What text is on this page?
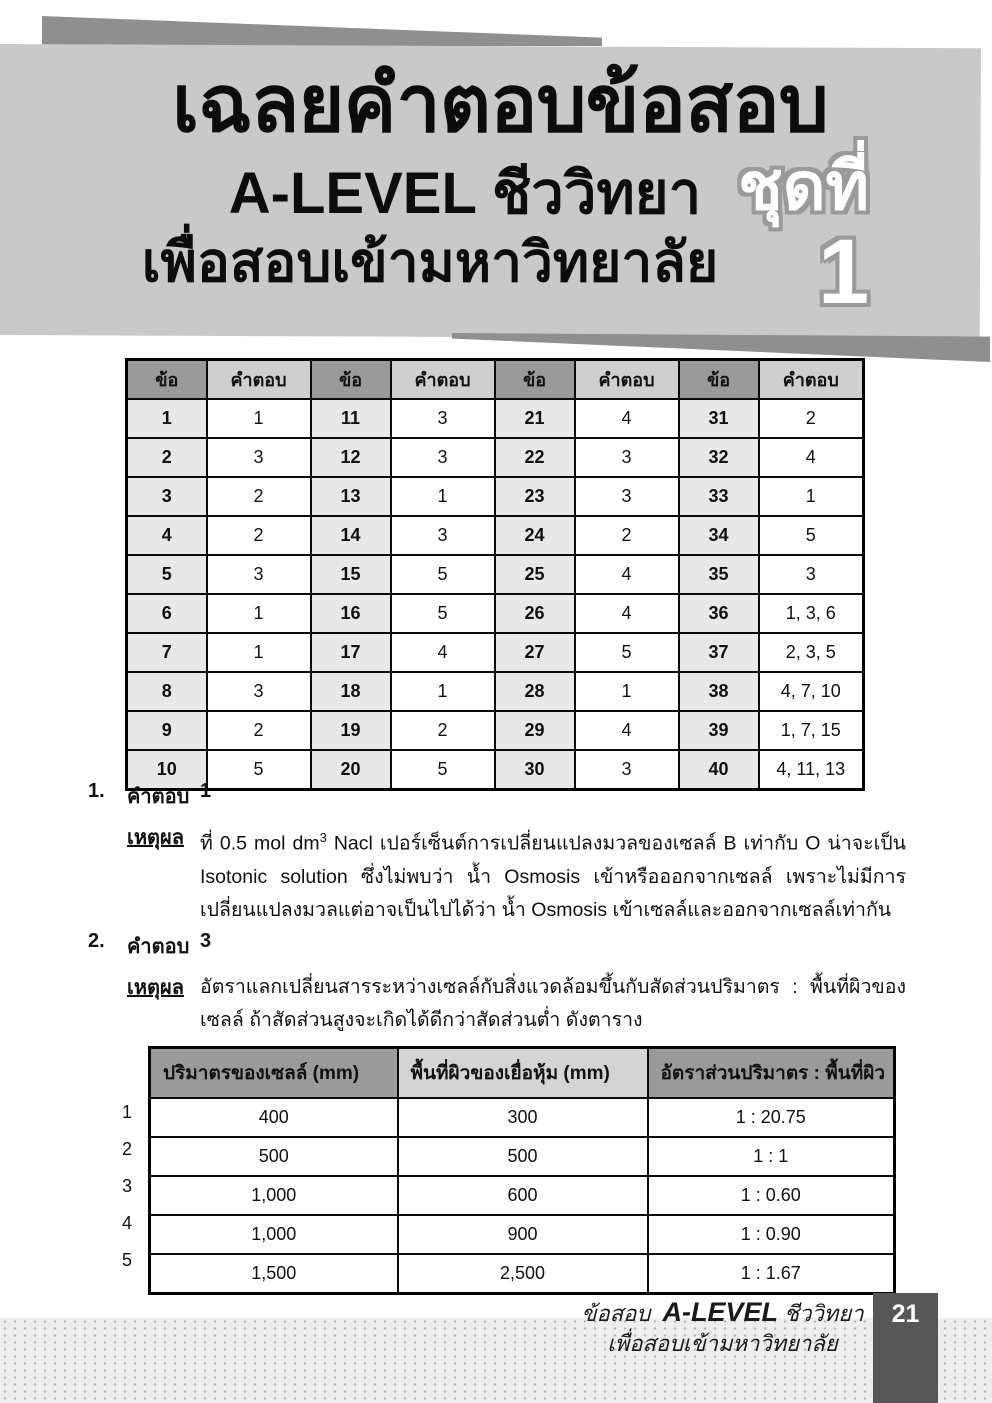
เฉลยคำตอบข้อสอบ
A-LEVEL ชีววิทยา
เพื่อสอบเข้ามหาวิทยาลัย
ชุดที่
1
ข้อ	คำตอบ	ข้อ	คำตอบ	ข้อ	คำตอบ	ข้อ	คำตอบ
1	1	11	3	21	4	31	2
2	3	12	3	22	3	32	4
3	2	13	1	23	3	33	1
4	2	14	3	24	2	34	5
5	3	15	5	25	4	35	3
6	1	16	5	26	4	36	1, 3, 6
7	1	17	4	27	5	37	2, 3, 5
8	3	18	1	28	1	38	4, 7, 10
9	2	19	2	29	4	39	1, 7, 15
10	5	20	5	30	3	40	4, 11, 13
1.	คำตอบ 1
เหตุผล ที่ 0.5 mol $dm^3$ Nacl เปอร์เซ็นต์การเปลี่ยนแปลงมวลของเซลล์ B เท่ากับ O น่าจะเป็น Isotonic solution ซึ่งไม่พบว่า น้ำ Osmosis เข้าหรือออกจากเซลล์ เพราะไม่มีการเปลี่ยนแปลงมวลแต่อาจเป็นไปได้ว่า น้ำ Osmosis เข้าเซลล์และออกจากเซลล์เท่ากัน
2.	คำตอบ 3
เหตุผล อัตราแลกเปลี่ยนสารระหว่างเซลล์กับสิ่งแวดล้อมขึ้นกับสัดส่วนปริมาตร : พื้นที่ผิวของเซลล์ ถ้าสัดส่วนสูงจะเกิดได้ดีกว่าสัดส่วนต่ำ ดังตาราง
1
2
3
4
5
ปริมาตรของเซลล์ (mm)	พื้นที่ผิวของเยื่อหุ้ม (mm)	อัตราส่วนปริมาตร : พื้นที่ผิว
400	300	1 : 20.75
500	500	1 : 1
1,000	600	1 : 0.60
1,000	900	1 : 0.90
1,500	2,500	1 : 1.67
ข้อสอบ A-LEVEL ชีววิทยา
เพื่อสอบเข้ามหาวิทยาลัย
21
